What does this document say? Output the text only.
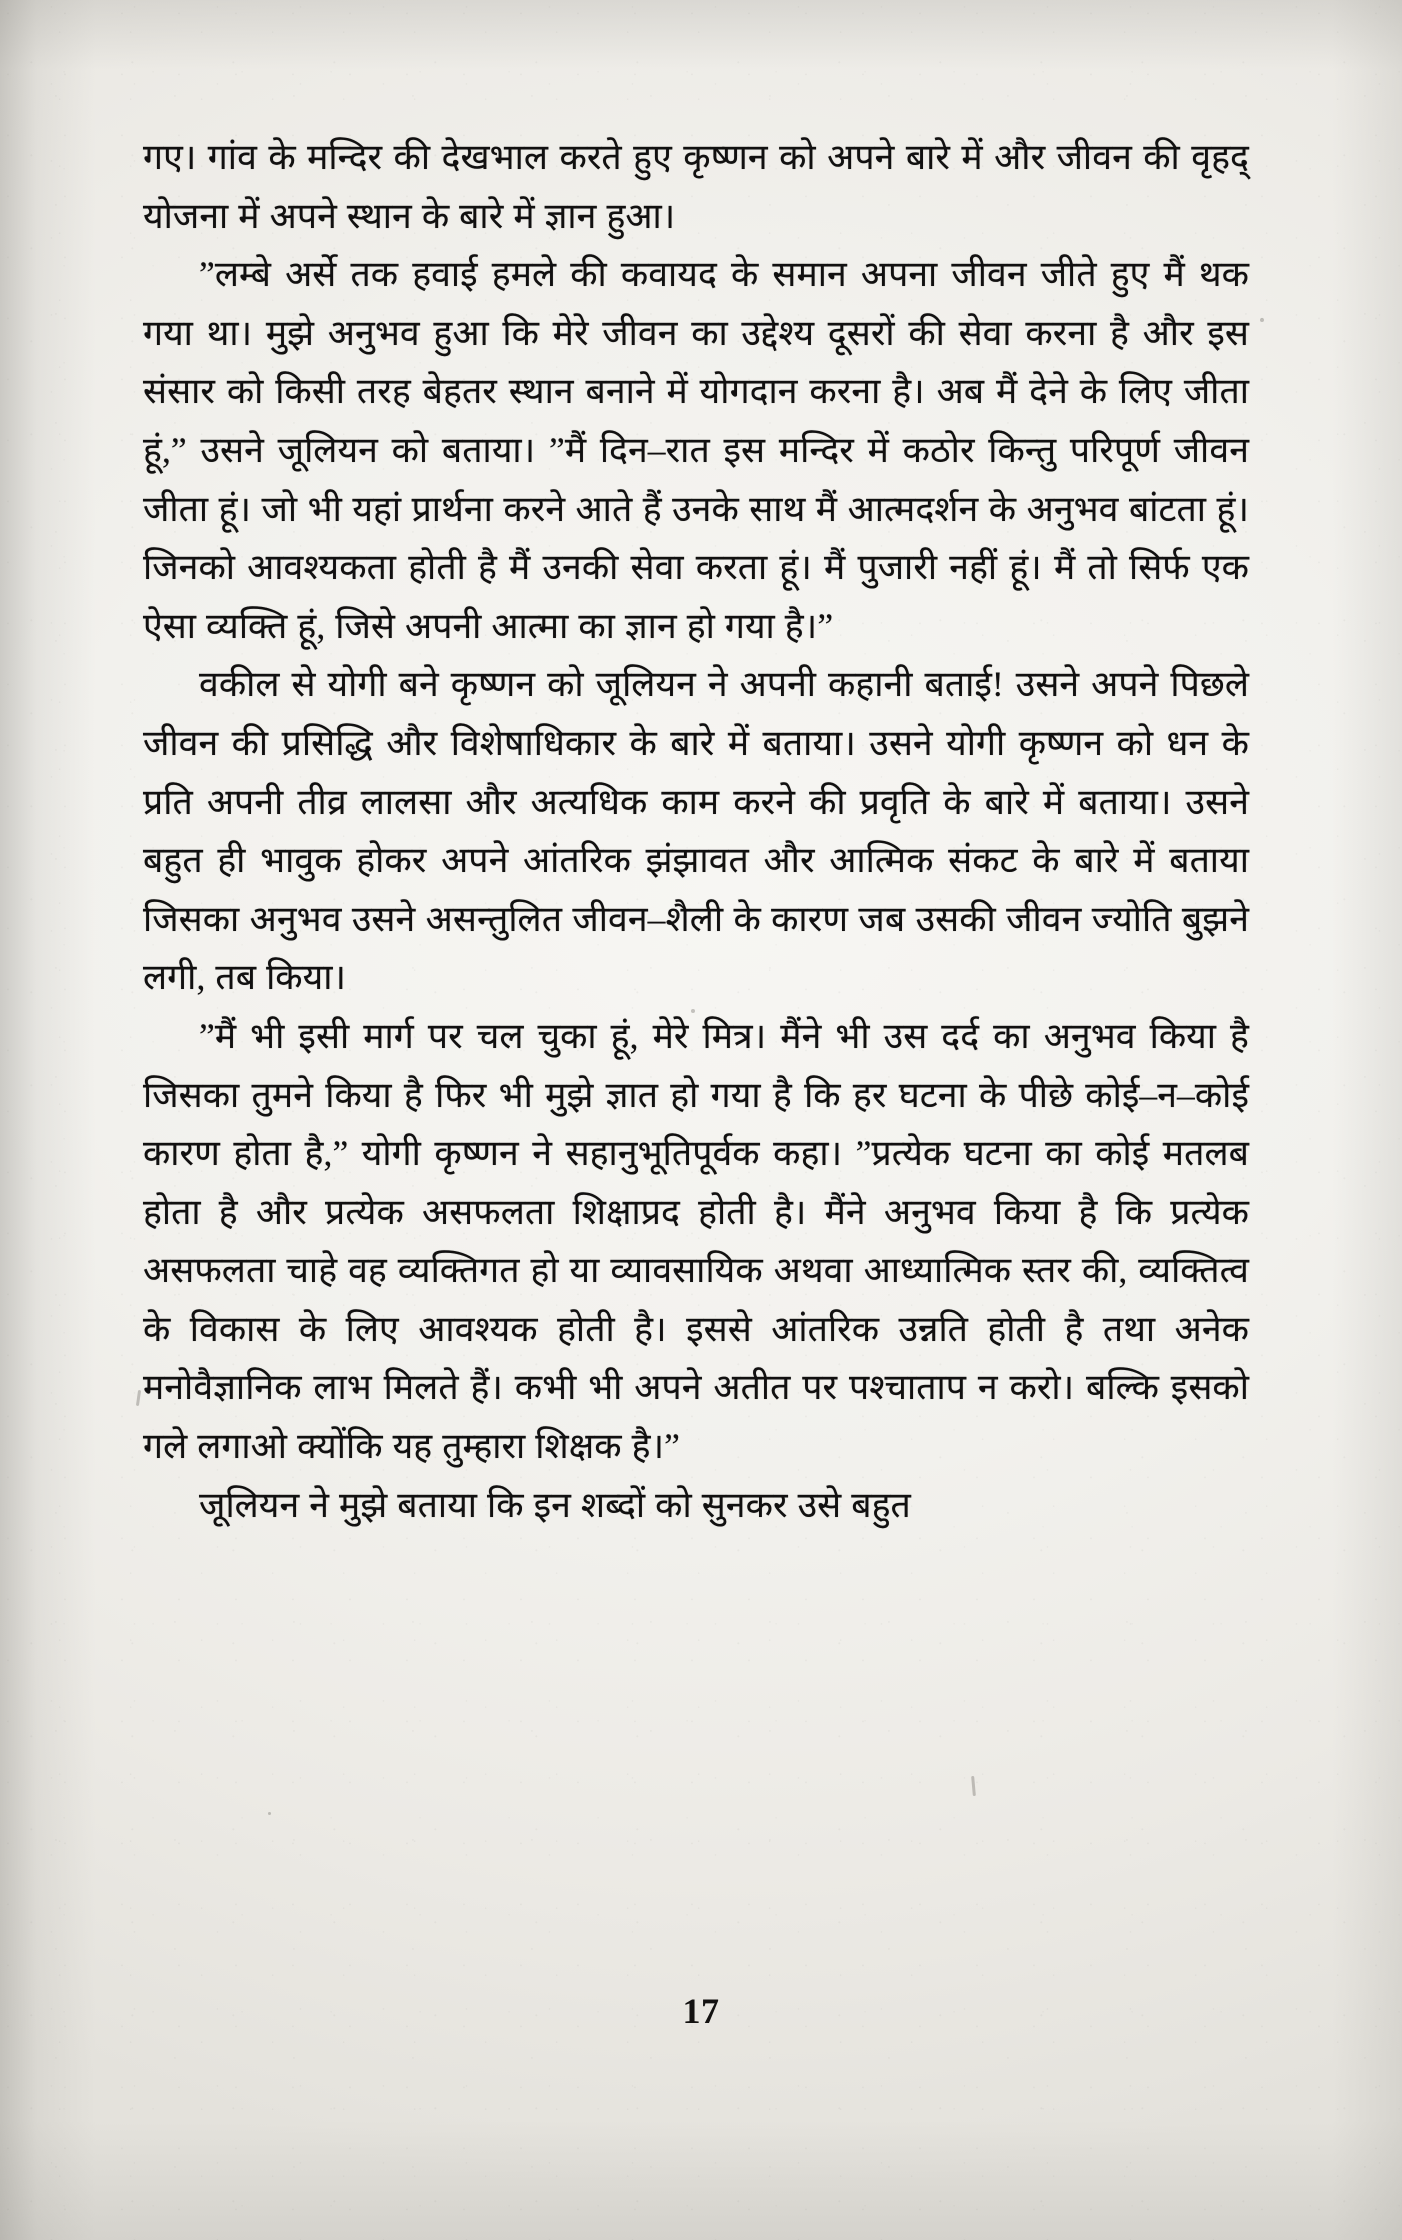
गए। गांव के मन्दिर की देखभाल करते हुए कृष्णन को अपने बारे में और जीवन की वृहद् योजना में अपने स्थान के बारे में ज्ञान हुआ।

”लम्बे अर्से तक हवाई हमले की कवायद के समान अपना जीवन जीते हुए मैं थक गया था। मुझे अनुभव हुआ कि मेरे जीवन का उद्देश्य दूसरों की सेवा करना है और इस संसार को किसी तरह बेहतर स्थान बनाने में योगदान करना है। अब मैं देने के लिए जीता हूं,” उसने जूलियन को बताया। ”मैं दिन–रात इस मन्दिर में कठोर किन्तु परिपूर्ण जीवन जीता हूं। जो भी यहां प्रार्थना करने आते हैं उनके साथ मैं आत्मदर्शन के अनुभव बांटता हूं। जिनको आवश्यकता होती है मैं उनकी सेवा करता हूं। मैं पुजारी नहीं हूं। मैं तो सिर्फ एक ऐसा व्यक्ति हूं, जिसे अपनी आत्मा का ज्ञान हो गया है।”

वकील से योगी बने कृष्णन को जूलियन ने अपनी कहानी बताई! उसने अपने पिछले जीवन की प्रसिद्धि और विशेषाधिकार के बारे में बताया। उसने योगी कृष्णन को धन के प्रति अपनी तीव्र लालसा और अत्यधिक काम करने की प्रवृति के बारे में बताया। उसने बहुत ही भावुक होकर अपने आंतरिक झंझावत और आत्मिक संकट के बारे में बताया जिसका अनुभव उसने असन्तुलित जीवन–शैली के कारण जब उसकी जीवन ज्योति बुझने लगी, तब किया।

”मैं भी इसी मार्ग पर चल चुका हूं, मेरे मित्र। मैंने भी उस दर्द का अनुभव किया है जिसका तुमने किया है फिर भी मुझे ज्ञात हो गया है कि हर घटना के पीछे कोई–न–कोई कारण होता है,” योगी कृष्णन ने सहानुभूतिपूर्वक कहा। ”प्रत्येक घटना का कोई मतलब होता है और प्रत्येक असफलता शिक्षाप्रद होती है। मैंने अनुभव किया है कि प्रत्येक असफलता चाहे वह व्यक्तिगत हो या व्यावसायिक अथवा आध्यात्मिक स्तर की, व्यक्तित्व के विकास के लिए आवश्यक होती है। इससे आंतरिक उन्नति होती है तथा अनेक मनोवैज्ञानिक लाभ मिलते हैं। कभी भी अपने अतीत पर पश्चाताप न करो। बल्कि इसको गले लगाओ क्योंकि यह तुम्हारा शिक्षक है।”

जूलियन ने मुझे बताया कि इन शब्दों को सुनकर उसे बहुत

17
